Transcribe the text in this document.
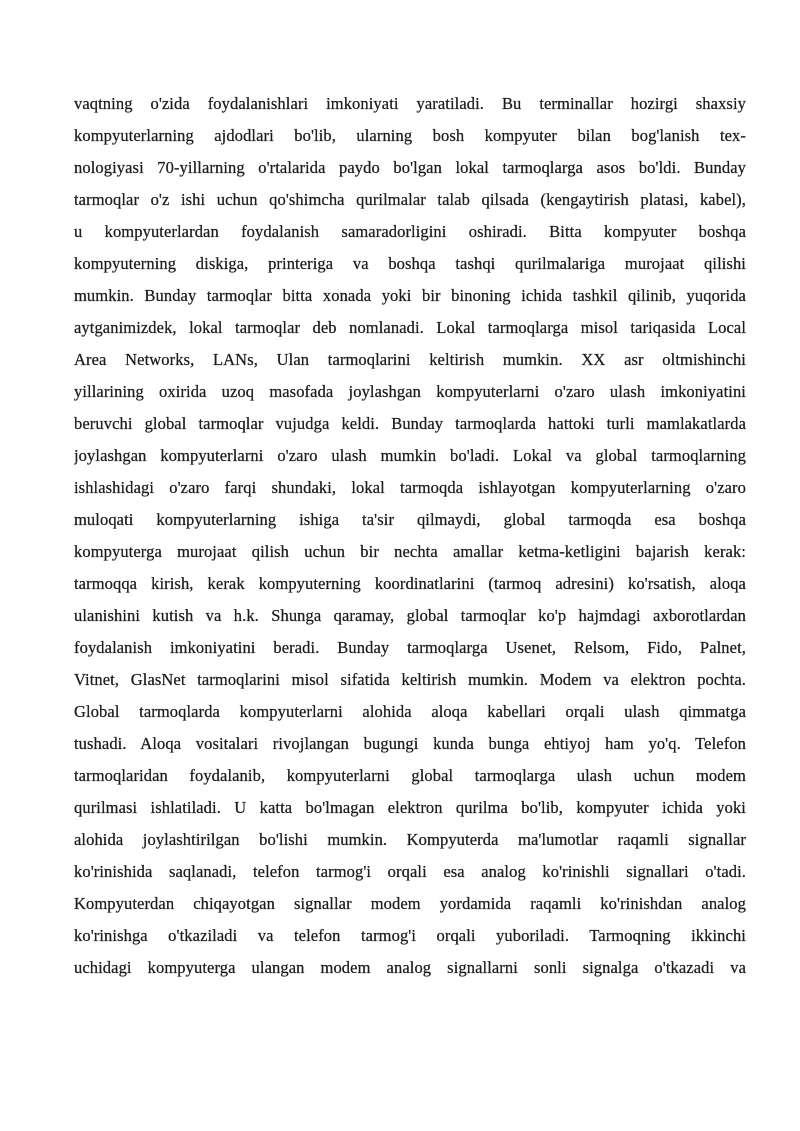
vaqtning o'zida foydalanishlari imkoniyati yaratiladi. Bu terminallar hozirgi shaxsiy
kompyuterlarning ajdodlari bo'lib, ularning bosh kompyuter bilan bog'lanish tex-
nologiyasi 70-yillarning o'rtalarida paydo bo'lgan lokal tarmoqlarga asos bo'ldi. Bunday
tarmoqlar o'z ishi uchun qo'shimcha qurilmalar talab qilsada (kengaytirish platasi, kabel),
u kompyuterlardan foydalanish samaradorligini oshiradi. Bitta kompyuter boshqa
kompyuterning diskiga, printeriga va boshqa tashqi qurilmalariga murojaat qilishi
mumkin. Bunday tarmoqlar bitta xonada yoki bir binoning ichida tashkil qilinib, yuqorida
aytganimizdek, lokal tarmoqlar deb nomlanadi. Lokal tarmoqlarga misol tariqasida Local
Area Networks, LANs, Ulan tarmoqlarini keltirish mumkin. XX asr oltmishinchi
yillarining oxirida uzoq masofada joylashgan kompyuterlarni o'zaro ulash imkoniyatini
beruvchi global tarmoqlar vujudga keldi. Bunday tarmoqlarda hattoki turli mamlakatlarda
joylashgan kompyuterlarni o'zaro ulash mumkin bo'ladi. Lokal va global tarmoqlarning
ishlashidagi o'zaro farqi shundaki, lokal tarmoqda ishlayotgan kompyuterlarning o'zaro
muloqati kompyuterlarning ishiga ta'sir qilmaydi, global tarmoqda esa boshqa
kompyuterga murojaat qilish uchun bir nechta amallar ketma-ketligini bajarish kerak:
tarmoqqa kirish, kerak kompyuterning koordinatlarini (tarmoq adresini) ko'rsatish, aloqa
ulanishini kutish va h.k. Shunga qaramay, global tarmoqlar ko'p hajmdagi axborotlardan
foydalanish imkoniyatini beradi. Bunday tarmoqlarga Usenet, Relsom, Fido, Palnet,
Vitnet, GlasNet tarmoqlarini misol sifatida keltirish mumkin. Modem va elektron pochta.
Global tarmoqlarda kompyuterlarni alohida aloqa kabellari orqali ulash qimmatga
tushadi. Aloqa vositalari rivojlangan bugungi kunda bunga ehtiyoj ham yo'q. Telefon
tarmoqlaridan foydalanib, kompyuterlarni global tarmoqlarga ulash uchun modem
qurilmasi ishlatiladi. U katta bo'lmagan elektron qurilma bo'lib, kompyuter ichida yoki
alohida joylashtirilgan bo'lishi mumkin. Kompyuterda ma'lumotlar raqamli signallar
ko'rinishida saqlanadi, telefon tarmog'i orqali esa analog ko'rinishli signallari o'tadi.
Kompyuterdan chiqayotgan signallar modem yordamida raqamli ko'rinishdan analog
ko'rinishga o'tkaziladi va telefon tarmog'i orqali yuboriladi. Tarmoqning ikkinchi
uchidagi kompyuterga ulangan modem analog signallarni sonli signalga o'tkazadi va
